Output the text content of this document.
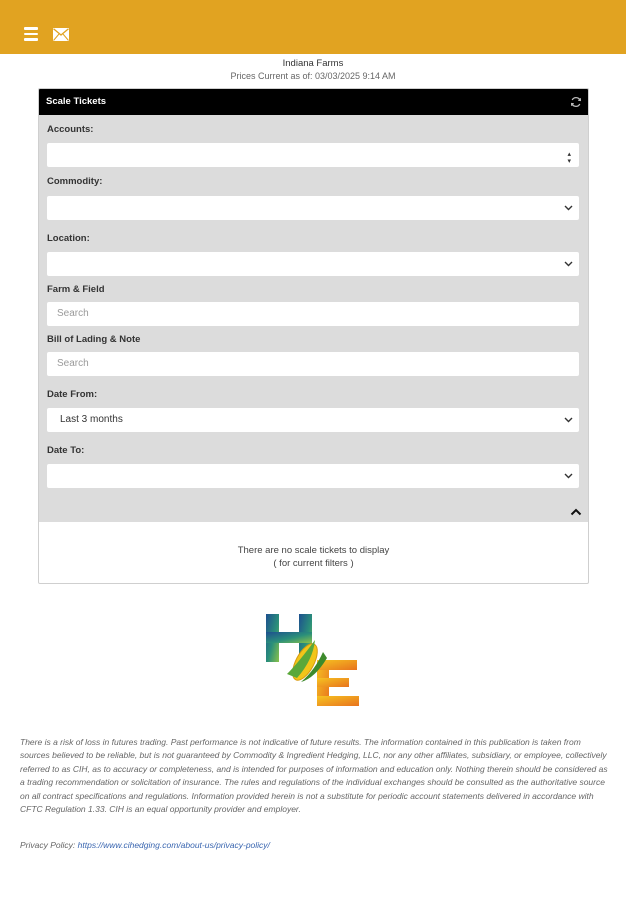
Indiana Farms
Prices Current as of: 03/03/2025 9:14 AM
Scale Tickets
Accounts:
▴
▾
Commodity:
Location:
Farm & Field
Search
Bill of Lading & Note
Search
Date From:
Last 3 months
Date To:
There are no scale tickets to display
( for current filters )
There is a risk of loss in futures trading. Past performance is not indicative of future results. The information contained in this publication is taken from sources believed to be reliable, but is not guaranteed by Commodity & Ingredient Hedging, LLC, nor any other affiliates, subsidiary, or employee, collectively referred to as CIH, as to accuracy or completeness, and is intended for purposes of information and education only. Nothing therein should be considered as a trading recommendation or solicitation of insurance. The rules and regulations of the individual exchanges should be consulted as the authoritative source on all contract specifications and regulations. Information provided herein is not a substitute for periodic account statements delivered in accordance with CFTC Regulation 1.33. CIH is an equal opportunity provider and employer.
Privacy Policy: https://www.cihedging.com/about-us/privacy-policy/
